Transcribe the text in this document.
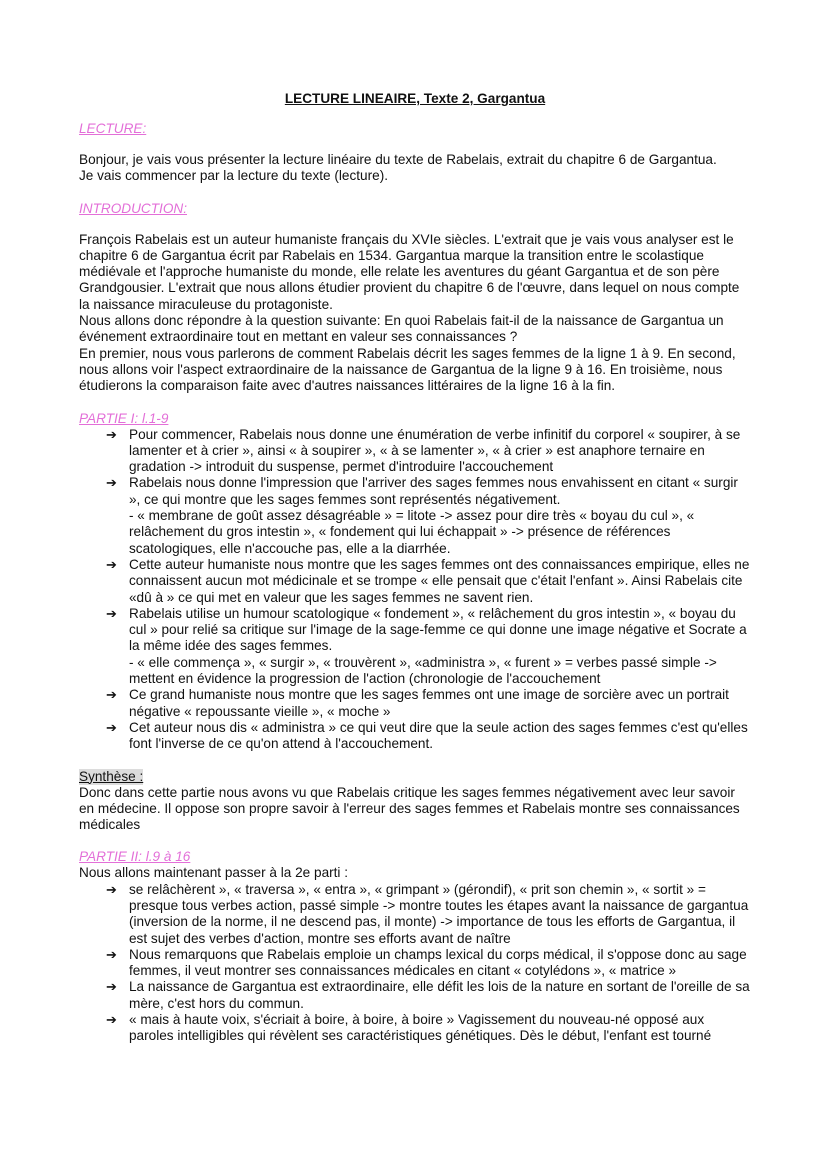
LECTURE LINEAIRE, Texte 2, Gargantua
LECTURE:

Bonjour, je vais vous présenter la lecture linéaire du texte de Rabelais, extrait du chapitre 6 de Gargantua.

Je vais commencer par la lecture du texte (lecture).

INTRODUCTION:

François Rabelais est un auteur humaniste français du XVIe siècles. L'extrait que je vais vous analyser est le chapitre 6 de Gargantua écrit par Rabelais en 1534. Gargantua marque la transition entre le scolastique médiévale et l'approche humaniste du monde, elle relate les aventures du géant Gargantua et de son père Grandgousier. L'extrait que nous allons étudier provient du chapitre 6 de l'œuvre, dans lequel on nous compte la naissance miraculeuse du protagoniste.

Nous allons donc répondre à la question suivante: En quoi Rabelais fait-il de la naissance de Gargantua un événement extraordinaire tout en mettant en valeur ses connaissances ?

En premier, nous vous parlerons de comment Rabelais décrit les sages femmes de la ligne 1 à 9. En second, nous allons voir l'aspect extraordinaire de la naissance de Gargantua de la ligne 9 à 16. En troisième, nous étudierons la comparaison faite avec d'autres naissances littéraires de la ligne 16 à la fin.

PARTIE I: l.1-9
➔ Pour commencer, Rabelais nous donne une énumération de verbe infinitif du corporel « soupirer, à se lamenter et à crier », ainsi « à soupirer », « à se lamenter », « à crier » est anaphore ternaire en gradation -> introduit du suspense, permet d'introduire l'accouchement
➔ Rabelais nous donne l'impression que l'arriver des sages femmes nous envahissent en citant « surgir », ce qui montre que les sages femmes sont représentés négativement.
- « membrane de goût assez désagréable » = litote -> assez pour dire très « boyau du cul », « relâchement du gros intestin », « fondement qui lui échappait » -> présence de références scatologiques, elle n'accouche pas, elle a la diarrhée.
➔ Cette auteur humaniste nous montre que les sages femmes ont des connaissances empirique, elles ne connaissent aucun mot médicinale et se trompe « elle pensait que c'était l'enfant ». Ainsi Rabelais cite «dû à » ce qui met en valeur que les sages femmes ne savent rien.
➔ Rabelais utilise un humour scatologique « fondement », « relâchement du gros intestin », « boyau du cul » pour relié sa critique sur l'image de la sage-femme ce qui donne une image négative et Socrate a la même idée des sages femmes.
- « elle commença », « surgir », « trouvèrent », «administra », « furent » = verbes passé simple -> mettent en évidence la progression de l'action (chronologie de l'accouchement
➔ Ce grand humaniste nous montre que les sages femmes ont une image de sorcière avec un portrait négative « repoussante vieille », « moche »
➔ Cet auteur nous dis « administra » ce qui veut dire que la seule action des sages femmes c'est qu'elles font l'inverse de ce qu'on attend à l'accouchement.
Synthèse :

Donc dans cette partie nous avons vu que Rabelais critique les sages femmes négativement avec leur savoir en médecine. Il oppose son propre savoir à l'erreur des sages femmes et Rabelais montre ses connaissances médicales

PARTIE II: l.9 à 16

Nous allons maintenant passer à la 2e parti :

➔ se relâchèrent », « traversa », « entra », « grimpant » (gérondif), « prit son chemin », « sortit » = presque tous verbes action, passé simple -> montre toutes les étapes avant la naissance de gargantua (inversion de la norme, il ne descend pas, il monte) -> importance de tous les efforts de Gargantua, il est sujet des verbes d'action, montre ses efforts avant de naître
➔ Nous remarquons que Rabelais emploie un champs lexical du corps médical, il s'oppose donc au sage femmes, il veut montrer ses connaissances médicales en citant « cotylédons », « matrice »
➔ La naissance de Gargantua est extraordinaire, elle défit les lois de la nature en sortant de l'oreille de sa mère, c'est hors du commun.
➔ « mais à haute voix, s'écriait à boire, à boire, à boire » Vagissement du nouveau-né opposé aux paroles intelligibles qui révèlent ses caractéristiques génétiques. Dès le début, l'enfant est tourné
